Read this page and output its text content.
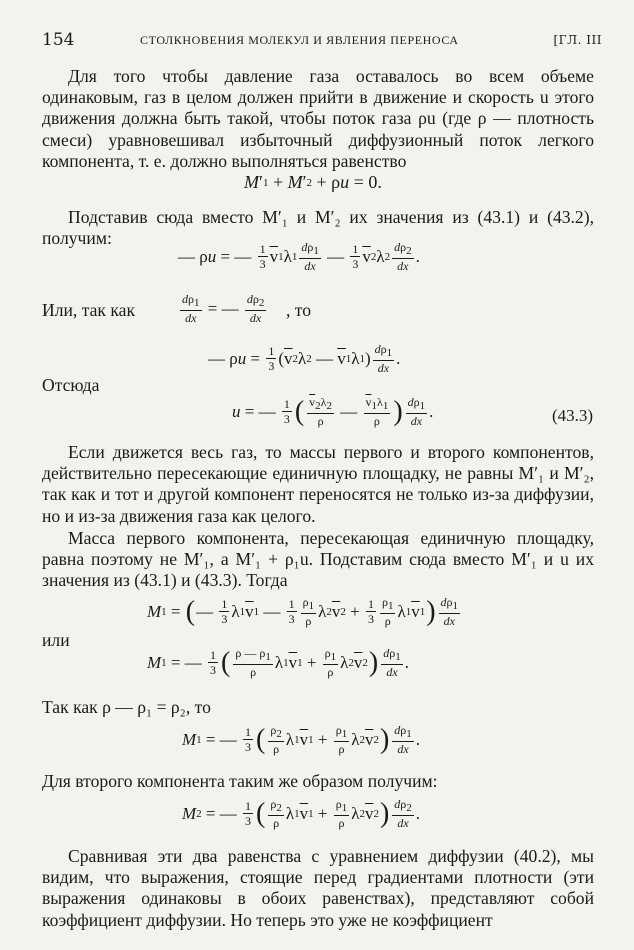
154	СТОЛКНОВЕНИЯ МОЛЕКУЛ И ЯВЛЕНИЯ ПЕРЕНОСА	[ГЛ. III
Для того чтобы давление газа оставалось во всем объеме одинаковым, газ в целом должен прийти в движение и скорость u этого движения должна быть такой, чтобы поток газа ρu (где ρ — плотность смеси) уравновешивал избыточный диффузионный поток легкого компонента, т. е. должно выполняться равенство
M ′ 1 + M ′ 2 + ρ u = 0.
Подставив сюда вместо M′₁ и M′₂ их значения из (43.1) и (43.2), получим:
— ρ u = — $\frac{1}{3} \overline{v}$ 1 λ $1 \frac{d\rho 1}{dx}$ — $\frac{1}{3} \overline{v}$ 2 λ $2 \frac{d\rho 2}{dx}$ .
Или, так как	$\frac{d\rho 1}{dx}$ = — $\frac{d\rho 2}{dx}$ , то
— ρ $u = \frac{1}{3}$ ( $\overline{v}$ 2 λ 2 — $\overline{v}$ 1 λ 1 ) $\frac{d\rho 1}{dx}$ .
Отсюда
u = — $\frac{1}{3}$ ( $\frac{\overline{v}2\lambda 2}{\rho}$ — $\frac{\overline{v}1\lambda 1}{\rho}$ ) $\frac{d\rho 1}{dx}$ .	(43.3)
Если движется весь газ, то массы первого и второго компонентов, действительно пересекающие единичную площадку, не равны M′₁ и M′₂, так как и тот и другой компонент переносятся не только из-за диффузии, но и из-за движения газа как целого.
Масса первого компонента, пересекающая единичную площадку, равна поэтому не M′₁, а M′₁ + ρ₁u. Подставим сюда вместо M′₁ и u их значения из (43.1) и (43.3). Тогда
M 1 = ( — $\frac{1}{3}$ λ 1 $\overline{v}$ 1 — $\frac{1}{3} \frac{\rho 1}{\rho}$ λ 2 $\overline{v}$ $2 + \frac{1}{3} \frac{\rho 1}{\rho}$ λ 1 $\overline{v}$ 1 ) $\frac{d\rho 1}{dx}$
или
M 1 = — $\frac{1}{3}$ ( $\frac{\rho — \rho 1}{\rho}$ λ 1 $\overline{v}$ $1 + \frac{\rho 1}{\rho}$ λ 2 $\overline{v}$ 2 ) $\frac{d\rho 1}{dx}$ .
Так как ρ — ρ₁ = ρ₂, то
M 1 = — $\frac{1}{3}$ ( $\frac{\rho 2}{\rho}$ λ 1 $\overline{v}$ $1 + \frac{\rho 1}{\rho}$ λ 2 $\overline{v}$ 2 ) $\frac{d\rho 1}{dx}$ .
Для второго компонента таким же образом получим:
M 2 = — $\frac{1}{3}$ ( $\frac{\rho 2}{\rho}$ λ 1 $\overline{v}$ $1 + \frac{\rho 1}{\rho}$ λ 2 $\overline{v}$ 2 ) $\frac{d\rho 2}{dx}$ .
Сравнивая эти два равенства с уравнением диффузии (40.2), мы видим, что выражения, стоящие перед градиентами плотности (эти выражения одинаковы в обоих равенствах), представляют собой коэффициент диффузии. Но теперь это уже не коэффициент
